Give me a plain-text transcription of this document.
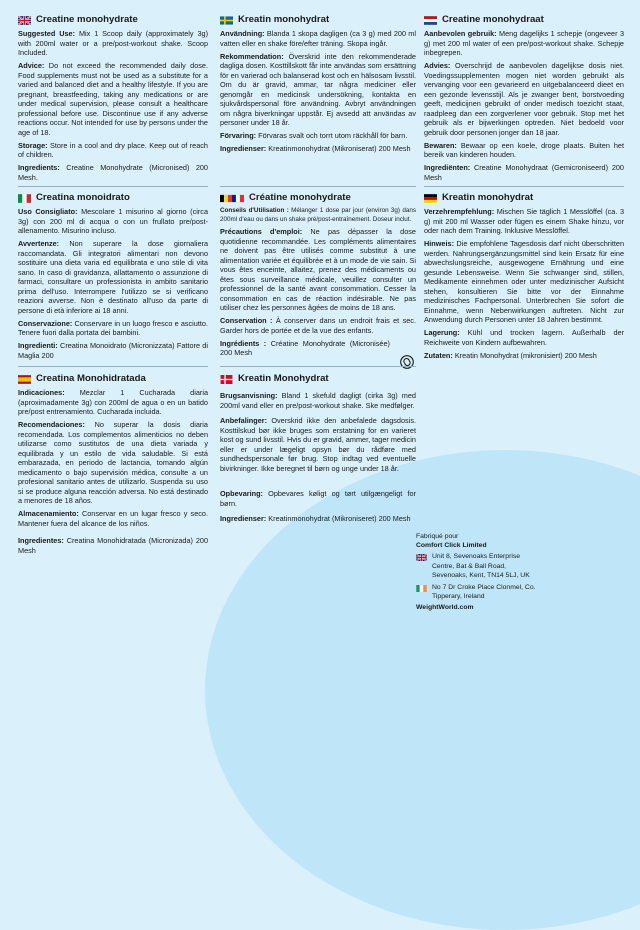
Creatine monohydrate

Suggested Use: Mix 1 Scoop daily (approximately 3g) with 200ml water or a pre/post-workout shake. Scoop Included.

Advice: Do not exceed the recommended daily dose. Food supplements must not be used as a substitute for a varied and balanced diet and a healthy lifestyle. If you are pregnant, breastfeeding, taking any medications or are under medical supervision, please consult a healthcare professional before use. Discontinue use if any adverse reactions occur. Not intended for use by persons under the age of 18.

Storage: Store in a cool and dry place. Keep out of reach of children.

Ingredients: Creatine Monohydrate (Micronised) 200 Mesh.

Kreatin monohydrat

Användning: Blanda 1 skopa dagligen (ca 3 g) med 200 ml vatten eller en shake före/efter träning. Skopa ingår.

Rekommendation: Överskrid inte den rekommenderade dagliga dosen. Kosttillskott får inte användas som ersättning för en varierad och balanserad kost och en hälsosam livsstil. Om du är gravid, ammar, tar några mediciner eller genomgår en medicinsk undersökning, kontakta en sjukvårdspersonal före användning. Avbryt användningen om några biverkningar uppstår. Ej avsedd att användas av personer under 18 år.

Förvaring: Förvaras svalt och torrt utom räckhåll för barn.

Ingredienser: Kreatinmonohydrat (Mikroniserat) 200 Mesh

Creatine monohydraat

Aanbevolen gebruik: Meng dagelijks 1 schepje (ongeveer 3 g) met 200 ml water of een pre/post-workout shake. Schepje inbegrepen.

Advies: Overschrijd de aanbevolen dagelijkse dosis niet. Voedingssupplementen mogen niet worden gebruikt als vervanging voor een gevarieerd en uitgebalanceerd dieet en een gezonde levensstijl. Als je zwanger bent, borstvoeding geeft, medicijnen gebruikt of onder medisch toezicht staat, raadpleeg dan een zorgverlener voor gebruik. Stop met het gebruik als er bijwerkingen optreden. Niet bedoeld voor gebruik door personen jonger dan 18 jaar.

Bewaren: Bewaar op een koele, droge plaats. Buiten het bereik van kinderen houden.

Ingrediënten: Creatine Monohydraat (Gemicroniseerd) 200 Mesh

Creatina monoidrato

Uso Consigliato: Mescolare 1 misurino al giorno (circa 3g) con 200 ml di acqua o con un frullato pre/post-allenamento. Misurino incluso.

Avvertenze: Non superare la dose giornaliera raccomandata. Gli integratori alimentari non devono sostituire una dieta varia ed equilibrata e uno stile di vita sano. In caso di gravidanza, allattamento o assunzione di farmaci, consultare un professionista in ambito sanitario prima dell'uso. Interrompere l'utilizzo se si verificano reazioni avverse. Non è destinato all'uso da parte di persone di età inferiore ai 18 anni.

Conservazione: Conservare in un luogo fresco e asciutto. Tenere fuori dalla portata dei bambini.

Ingredienti: Creatina Monoidrato (Micronizzata) Fattore di Maglia 200

Créatine monohydrate

Conseils d'Utilisation : Mélanger 1 dose par jour (environ 3g) dans 200ml d'eau ou dans un shake pré/post-entraînement. Doseur inclut.

Précautions d'emploi: Ne pas dépasser la dose quotidienne recommandée. Les compléments alimentaires ne doivent pas être utilisés comme substitut à une alimentation variée et équilibrée et à un mode de vie sain. Si vous êtes enceinte, allaitez, prenez des médicaments ou êtes sous surveillance médicale, veuillez consulter un professionnel de la santé avant consommation. Cesser la consommation en cas de réaction indésirable. Ne pas utiliser chez les personnes âgées de moins de 18 ans.

Conservation : À conserver dans un endroit frais et sec. Garder hors de portée et de la vue des enfants.

Ingrédients : Créatine Monohydrate (Micronisée) 200 Mesh

Kreatin monohydrat

Verzehrempfehlung: Mischen Sie täglich 1 Messlöffel (ca. 3 g) mit 200 ml Wasser oder fügen es einem Shake hinzu, vor oder nach dem Training. Inklusive Messlöffel.

Hinweis: Die empfohlene Tagesdosis darf nicht überschritten werden. Nahrungsergänzungsmittel sind kein Ersatz für eine abwechslungsreiche, ausgewogene Ernährung und eine gesunde Lebensweise. Wenn Sie schwanger sind, stillen, Medikamente einnehmen oder unter medizinischer Aufsicht stehen, konsultieren Sie bitte vor der Einnahme medizinisches Fachpersonal. Unterbrechen Sie sofort die Einnahme, wenn Nebenwirkungen auftreten. Nicht zur Anwendung durch Personen unter 18 Jahren bestimmt.

Lagerung: Kühl und trocken lagern. Außerhalb der Reichweite von Kindern aufbewahren.

Zutaten: Kreatin Monohydrat (mikronisiert) 200 Mesh

Creatina Monohidratada

Indicaciones: Mezclar 1 Cucharada diaria (aproximadamente 3g) con 200ml de agua o en un batido pre/post entrenamiento. Cucharada incluida.

Recomendaciones: No superar la dosis diaria recomendada. Los complementos alimenticios no deben utilizarse como sustitutos de una dieta variada y equilibrada y un estilo de vida saludable. Si está embarazada, en periodo de lactancia, tomando algún medicamento o bajo supervisión médica, consulte a un profesional sanitario antes de utilizarlo. Suspenda su uso si se produce alguna reacción adversa. No está destinado a menores de 18 años.

Almacenamiento: Conservar en un lugar fresco y seco. Mantener fuera del alcance de los niños.

Ingredientes: Creatina Monohidratada (Micronizada) 200 Mesh

Kreatin Monohydrat

Brugsanvisning: Bland 1 skefuld dagligt (cirka 3g) med 200ml vand eller en pre/post-workout shake. Ske medfølger.

Anbefalinger: Overskrid ikke den anbefalede dagsdosis. Kosttilskud bør ikke bruges som erstatning for en varieret kost og sund livsstil. Hvis du er gravid, ammer, tager medicin eller er under lægeligt opsyn bør du rådføre med sundhedspersonale før brug. Stop indtag ved eventuelle bivirkninger. Ikke beregnet til børn og unge under 18 år.

Opbevaring: Opbevares køligt og tørt utilgængeligt for børn.

Ingredienser: Kreatinmonohydrat (Mikroniseret) 200 Mesh

Fabriqué pour
Comfort Click Limited
Unit 8, Sevenoaks Enterprise Centre, Bat & Ball Road, Sevenoaks, Kent, TN14 5LJ, UK
No 7 Dr Croke Place Clonmel, Co. Tipperary, Ireland
WeightWorld.com
